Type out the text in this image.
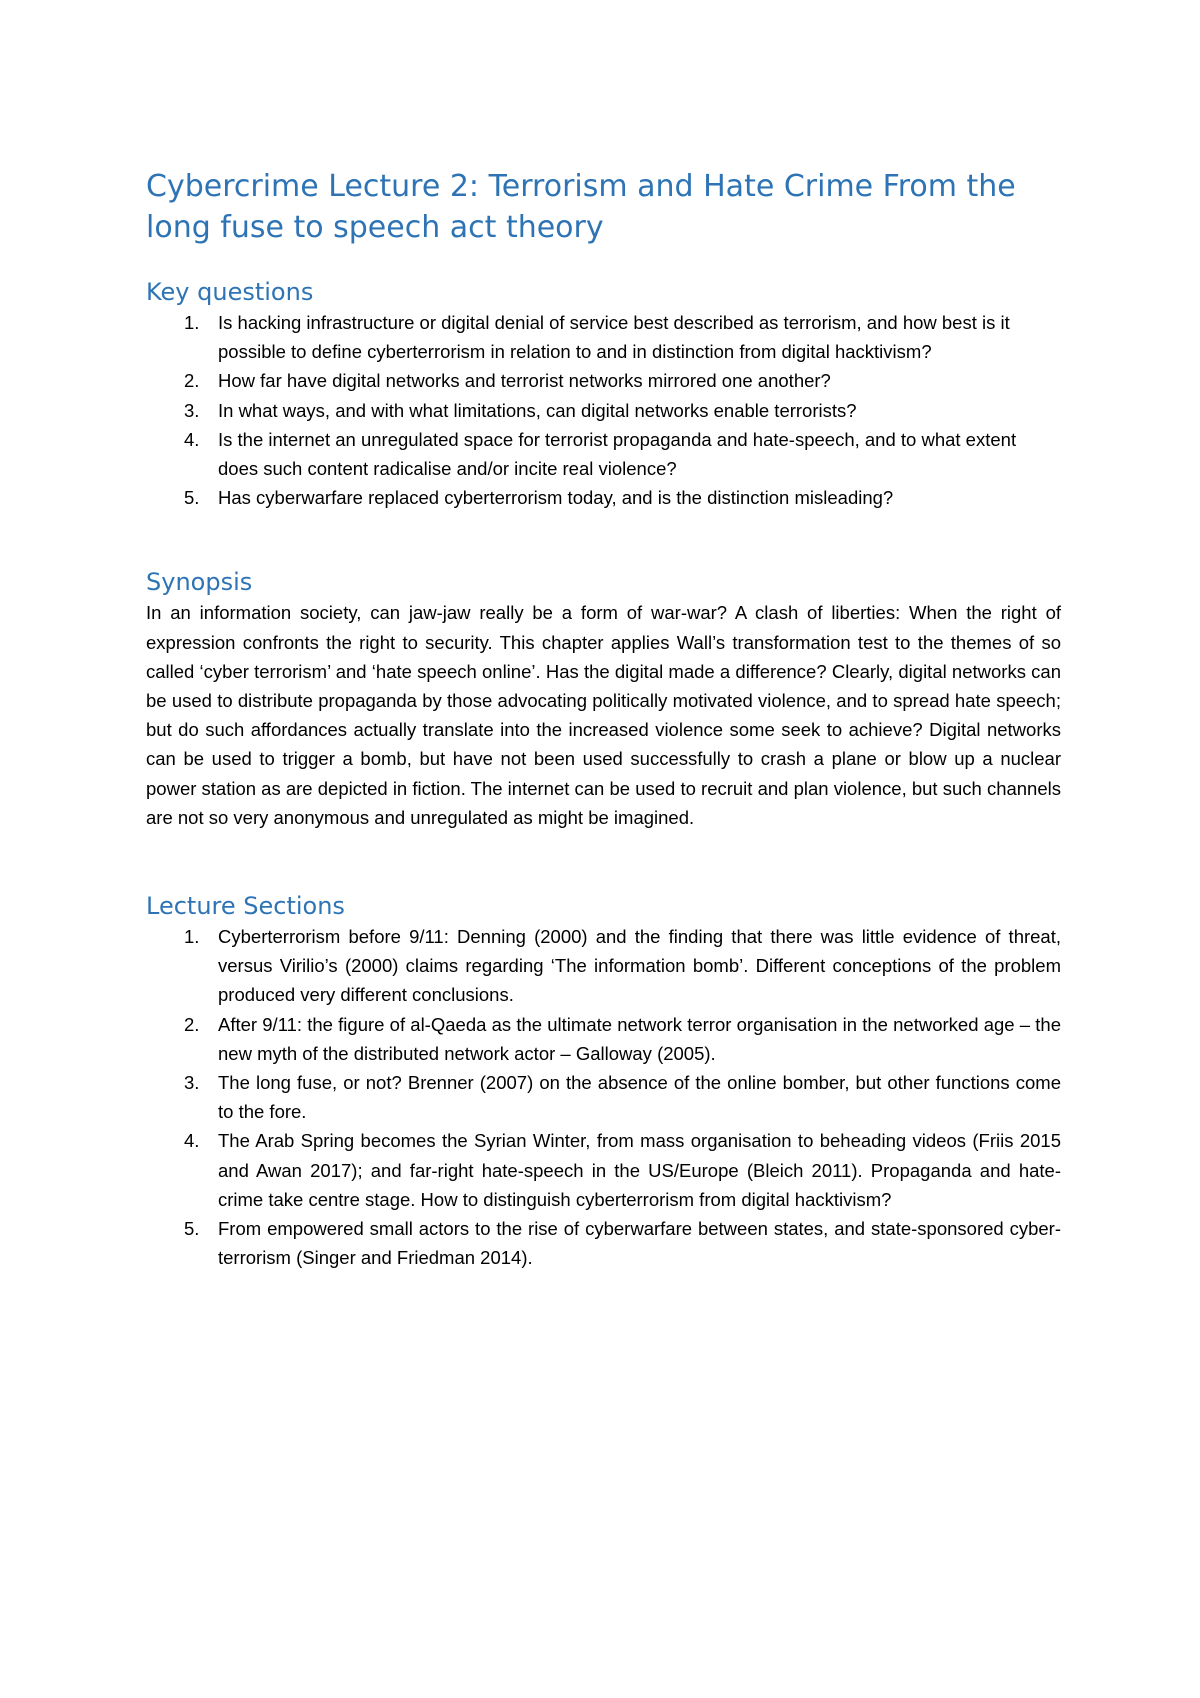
Cybercrime Lecture 2: Terrorism and Hate Crime From the long fuse to speech act theory
Key questions
1. Is hacking infrastructure or digital denial of service best described as terrorism, and how best is it possible to define cyberterrorism in relation to and in distinction from digital hacktivism?
2. How far have digital networks and terrorist networks mirrored one another?
3. In what ways, and with what limitations, can digital networks enable terrorists?
4. Is the internet an unregulated space for terrorist propaganda and hate-speech, and to what extent does such content radicalise and/or incite real violence?
5. Has cyberwarfare replaced cyberterrorism today, and is the distinction misleading?
Synopsis

In an information society, can jaw-jaw really be a form of war-war? A clash of liberties: When the right of expression confronts the right to security. This chapter applies Wall’s transformation test to the themes of so called ‘cyber terrorism’ and ‘hate speech online’. Has the digital made a difference? Clearly, digital networks can be used to distribute propaganda by those advocating politically motivated violence, and to spread hate speech; but do such affordances actually translate into the increased violence some seek to achieve? Digital networks can be used to trigger a bomb, but have not been used successfully to crash a plane or blow up a nuclear power station as are depicted in fiction. The internet can be used to recruit and plan violence, but such channels are not so very anonymous and unregulated as might be imagined.

Lecture Sections
1. Cyberterrorism before 9/11: Denning (2000) and the finding that there was little evidence of threat, versus Virilio’s (2000) claims regarding ‘The information bomb’. Different conceptions of the problem produced very different conclusions.
2. After 9/11: the figure of al-Qaeda as the ultimate network terror organisation in the networked age – the new myth of the distributed network actor – Galloway (2005).
3. The long fuse, or not? Brenner (2007) on the absence of the online bomber, but other functions come to the fore.
4. The Arab Spring becomes the Syrian Winter, from mass organisation to beheading videos (Friis 2015 and Awan 2017); and far-right hate-speech in the US/Europe (Bleich 2011). Propaganda and hate-crime take centre stage. How to distinguish cyberterrorism from digital hacktivism?
5. From empowered small actors to the rise of cyberwarfare between states, and state-sponsored cyber-terrorism (Singer and Friedman 2014).
